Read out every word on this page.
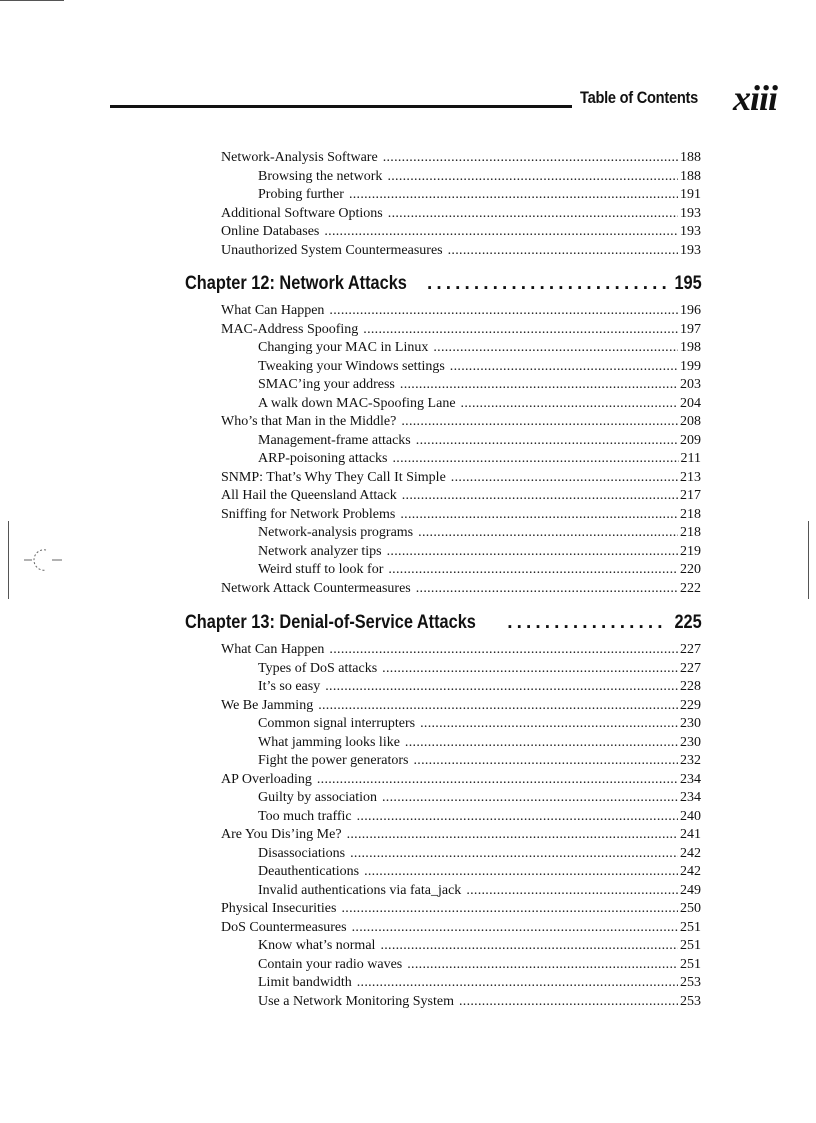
Table of Contents xiii
Network-Analysis Software .....	188
Browsing the network .....	188
Probing further .....	191
Additional Software Options .....	193
Online Databases .....	193
Unauthorized System Countermeasures .....	193
Chapter 12: Network Attacks .....	195
What Can Happen .....	196
MAC-Address Spoofing .....	197
Changing your MAC in Linux .....	198
Tweaking your Windows settings .....	199
SMAC’ing your address .....	203
A walk down MAC-Spoofing Lane .....	204
Who’s that Man in the Middle? .....	208
Management-frame attacks .....	209
ARP-poisoning attacks .....	211
SNMP: That’s Why They Call It Simple .....	213
All Hail the Queensland Attack .....	217
Sniffing for Network Problems .....	218
Network-analysis programs .....	218
Network analyzer tips .....	219
Weird stuff to look for .....	220
Network Attack Countermeasures .....	222
Chapter 13: Denial-of-Service Attacks .....	225
What Can Happen .....	227
Types of DoS attacks .....	227
It’s so easy .....	228
We Be Jamming .....	229
Common signal interrupters .....	230
What jamming looks like .....	230
Fight the power generators .....	232
AP Overloading .....	234
Guilty by association .....	234
Too much traffic .....	240
Are You Dis’ing Me? .....	241
Disassociations .....	242
Deauthentications .....	242
Invalid authentications via fata_jack .....	249
Physical Insecurities .....	250
DoS Countermeasures .....	251
Know what’s normal .....	251
Contain your radio waves .....	251
Limit bandwidth .....	253
Use a Network Monitoring System .....	253
